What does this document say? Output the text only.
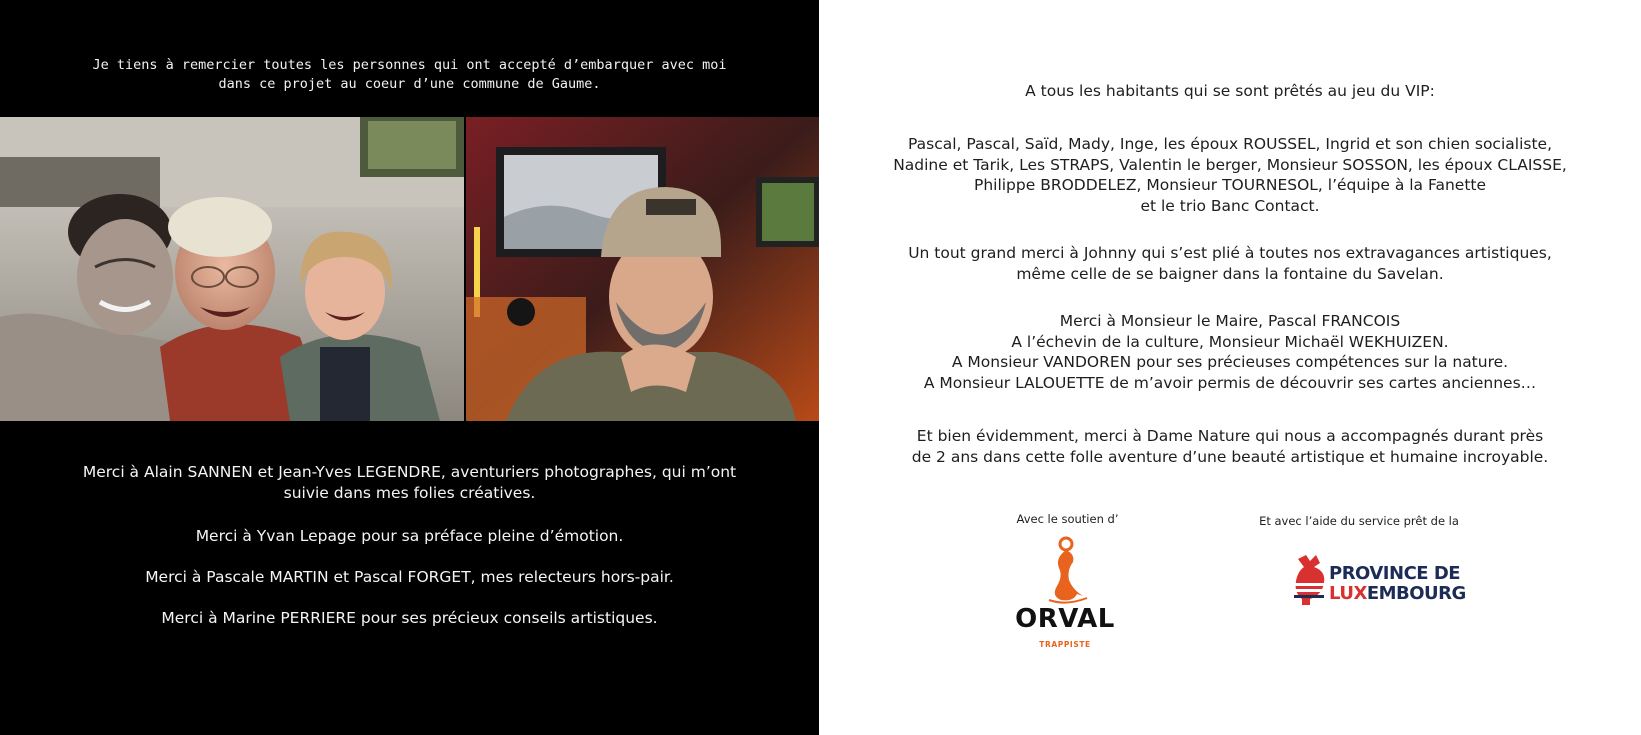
Je tiens à remercier toutes les personnes qui ont accepté d’embarquer avec moi
dans ce projet au coeur d’une commune de Gaume.
Merci à Alain SANNEN et Jean-Yves LEGENDRE, aventuriers photographes, qui m’ont
suivie dans mes folies créatives.
Merci à Yvan Lepage pour sa préface pleine d’émotion.
Merci à Pascale MARTIN et Pascal FORGET, mes relecteurs hors-pair.
Merci à Marine PERRIERE pour ses précieux conseils artistiques.
A tous les habitants qui se sont prêtés au jeu du VIP:
Pascal, Pascal, Saïd, Mady, Inge, les époux ROUSSEL, Ingrid et son chien socialiste,
Nadine et Tarik, Les STRAPS, Valentin le berger, Monsieur SOSSON, les époux CLAISSE,
Philippe BRODDELEZ, Monsieur TOURNESOL, l’équipe à la Fanette
et le trio Banc Contact.
Un tout grand merci à Johnny qui s’est plié à toutes nos extravagances artistiques,
même celle de se baigner dans la fontaine du Savelan.
Merci à Monsieur le Maire, Pascal FRANCOIS
A l’échevin de la culture, Monsieur Michaël WEKHUIZEN.
A Monsieur VANDOREN pour ses précieuses compétences sur la nature.
A Monsieur LALOUETTE de m’avoir permis de découvrir ses cartes anciennes…
Et bien évidemment, merci à Dame Nature qui nous a accompagnés durant près
de 2 ans dans cette folle aventure d’une beauté artistique et humaine incroyable.
Avec le soutien d’	Et avec l’aide du service prêt de la
ORVAL
TRAPPISTE
PROVINCE DE
LUXEMBOURG
